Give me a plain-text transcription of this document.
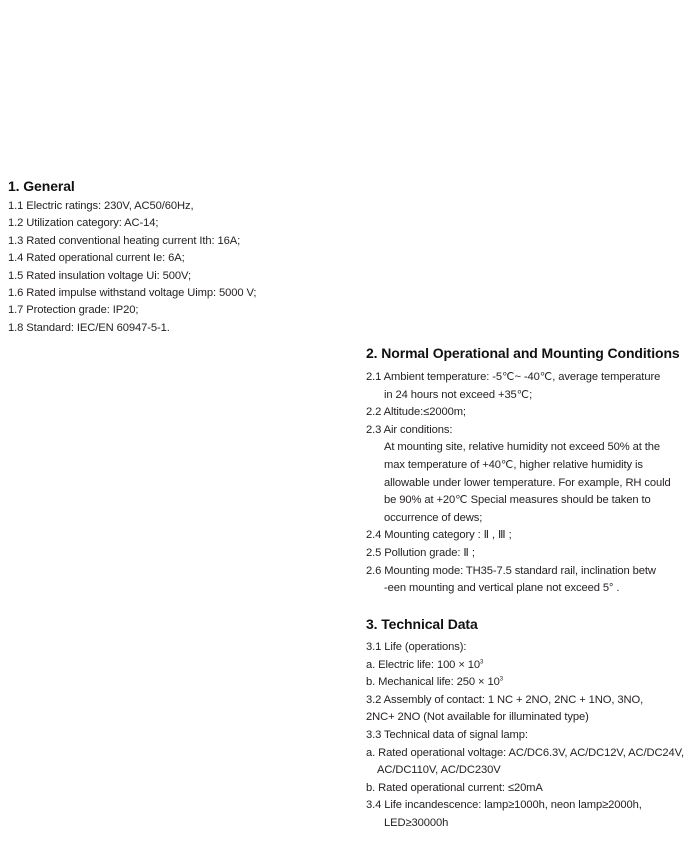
1. General
1.1 Electric ratings: 230V, AC50/60Hz,
1.2 Utilization category: AC-14;
1.3 Rated conventional heating current Ith: 16A;
1.4 Rated operational current Ie: 6A;
1.5 Rated insulation voltage Ui: 500V;
1.6 Rated impulse withstand voltage Uimp: 5000 V;
1.7 Protection grade: IP20;
1.8 Standard: IEC/EN 60947-5-1.
2. Normal Operational and Mounting Conditions
2.1 Ambient temperature: -5℃~ -40℃, average temperature
in 24 hours not exceed +35℃;
2.2 Altitude:≤2000m;
2.3 Air conditions:
At mounting site, relative humidity not exceed 50% at the
max temperature of +40℃, higher relative humidity is
allowable under lower temperature. For example, RH could
be 90% at +20℃ Special measures should be taken to
occurrence of dews;
2.4 Mounting category : Ⅱ , Ⅲ ;
2.5 Pollution grade: Ⅱ ;
2.6 Mounting mode: TH35-7.5 standard rail, inclination betw
-een mounting and vertical plane not exceed 5° .
3. Technical Data
3.1 Life (operations):
a. Electric life: $100 \times 10^3$
b. Mechanical life: $250 \times 10^3$
3.2 Assembly of contact: 1 NC + 2NO, 2NC + 1NO, 3NO,
2NC+ 2NO (Not available for illuminated type)
3.3 Technical data of signal lamp:
a. Rated operational voltage: AC/DC6.3V, AC/DC12V, AC/DC24V,
AC/DC110V, AC/DC230V
b. Rated operational current: ≤20mA
3.4 Life incandescence: lamp≥1000h, neon lamp≥2000h,
LED≥30000h
